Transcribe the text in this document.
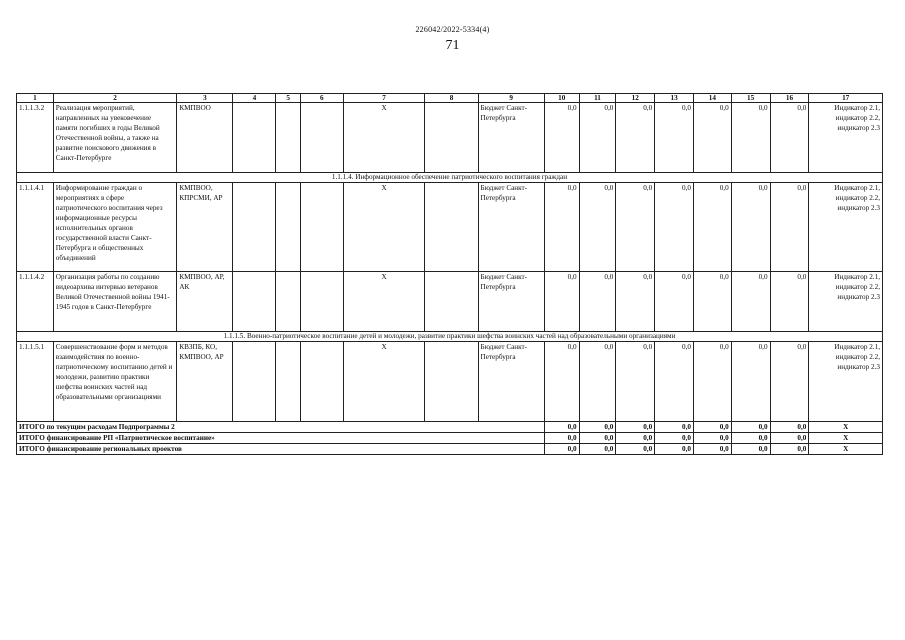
226042/2022-5334(4)
71
1	2	3	4	5	6	7	8	9	10	11	12	13	14	15	16	17
1.1.1.3.2	Реализация мероприятий, направленных на увековечение памяти погибших в годы Великой Отечественной войны, а также на развитие поискового движения в Санкт-Петербурге	КМПВОО				Х		Бюджет Санкт-Петербурга	0,0	0,0	0,0	0,0	0,0	0,0	0,0	Индикатор 2.1, индикатор 2.2, индикатор 2.3
1.1.1.4. Информационное обеспечение патриотического воспитания граждан																
1.1.1.4.1	Информирование граждан о мероприятиях в сфере патриотического воспитания через информационные ресурсы исполнительных органов государственной власти Санкт-Петербурга и общественных объединений	КМПВОО, КПРСМИ, АР				Х		Бюджет Санкт-Петербурга	0,0	0,0	0,0	0,0	0,0	0,0	0,0	Индикатор 2.1, индикатор 2.2, индикатор 2.3
1.1.1.4.2	Организация работы по созданию видеоархива интервью ветеранов Великой Отечественной войны 1941-1945 годов в Санкт-Петербурге	КМПВОО, АР, АК				Х		Бюджет Санкт-Петербурга	0,0	0,0	0,0	0,0	0,0	0,0	0,0	Индикатор 2.1, индикатор 2.2, индикатор 2.3
1.1.1.5. Военно-патриотическое воспитание детей и молодежи, развитие практики шефства воинских частей над образовательными организациями																
1.1.1.5.1	Совершенствование форм и методов взаимодействия по военно-патриотическому воспитанию детей и молодежи, развитию практики шефства воинских частей над образовательными организациями	КВЗПБ, КО, КМПВОО, АР				Х		Бюджет Санкт-Петербурга	0,0	0,0	0,0	0,0	0,0	0,0	0,0	Индикатор 2.1, индикатор 2.2, индикатор 2.3
ИТОГО по текущим расходам Подпрограммы 2									0,0	0,0	0,0	0,0	0,0	0,0	0,0	Х
ИТОГО финансирование РП «Патриотическое воспитание»									0,0	0,0	0,0	0,0	0,0	0,0	0,0	Х
ИТОГО финансирование региональных проектов									0,0	0,0	0,0	0,0	0,0	0,0	0,0	Х
